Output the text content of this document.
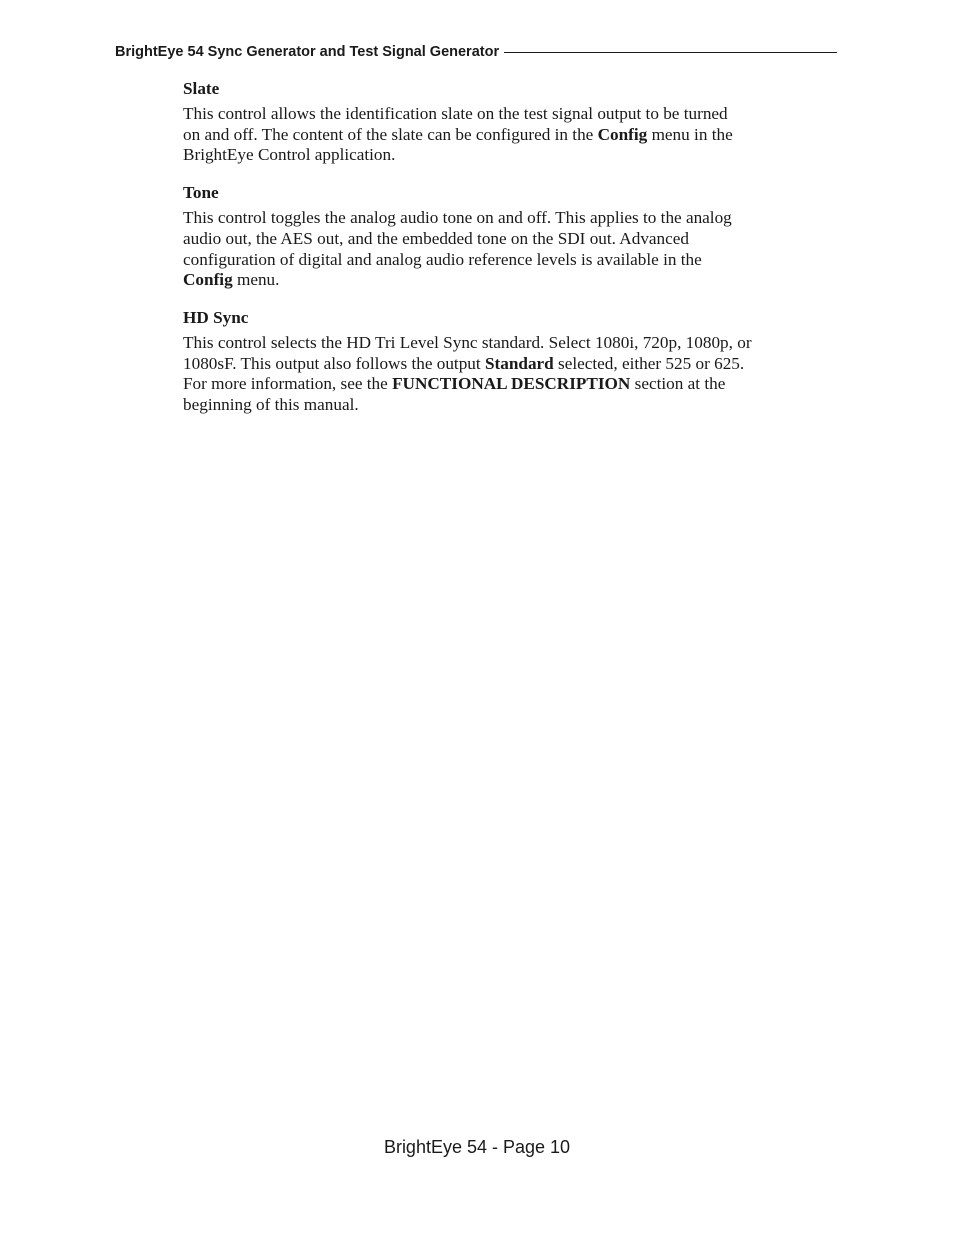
BrightEye 54 Sync Generator and Test Signal Generator
Slate

This control allows the identification slate on the test signal output to be turned
on and off. The content of the slate can be configured in the Config menu in the
BrightEye Control application.

Tone

This control toggles the analog audio tone on and off. This applies to the analog
audio out, the AES out, and the embedded tone on the SDI out. Advanced
configuration of digital and analog audio reference levels is available in the
Config menu.

HD Sync

This control selects the HD Tri Level Sync standard. Select 1080i, 720p, 1080p, or
1080sF. This output also follows the output Standard selected, either 525 or 625.
For more information, see the FUNCTIONAL DESCRIPTION section at the
beginning of this manual.

BrightEye 54 - Page 10
